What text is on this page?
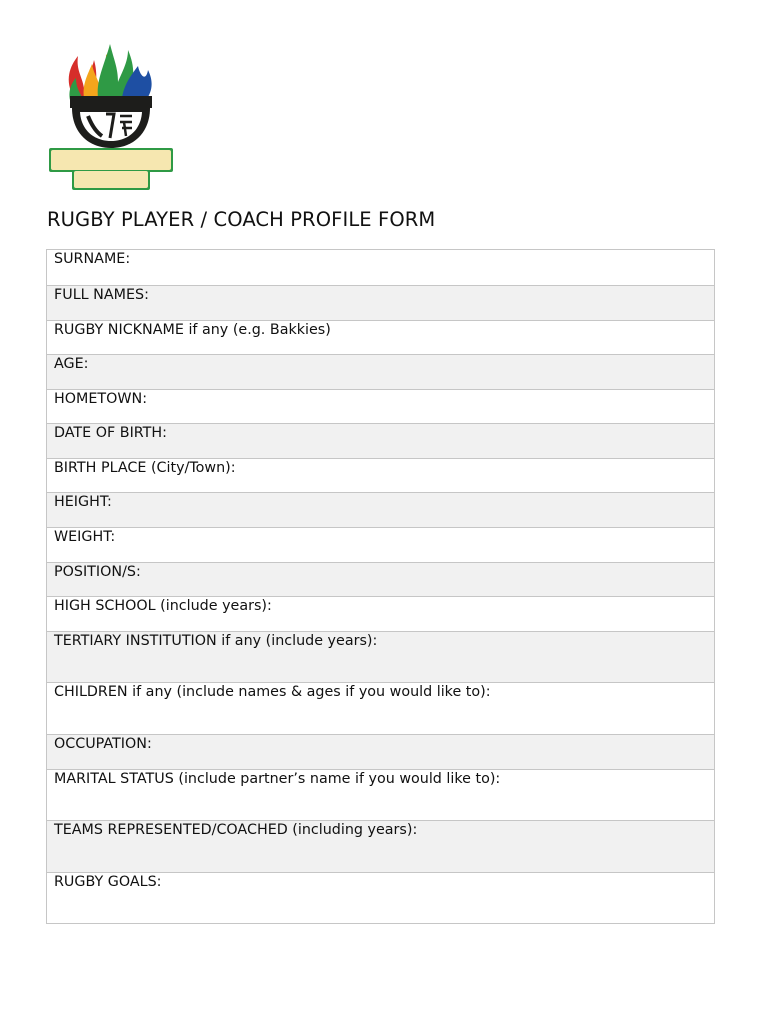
RUGBY PLAYER / COACH PROFILE FORM
SURNAME:
FULL NAMES:
RUGBY NICKNAME if any (e.g. Bakkies)
AGE:
HOMETOWN:
DATE OF BIRTH:
BIRTH PLACE (City/Town):
HEIGHT:
WEIGHT:
POSITION/S:
HIGH SCHOOL (include years):
TERTIARY INSTITUTION if any (include years):
CHILDREN if any (include names & ages if you would like to):
OCCUPATION:
MARITAL STATUS (include partner’s name if you would like to):
TEAMS REPRESENTED/COACHED (including years):
RUGBY GOALS:
